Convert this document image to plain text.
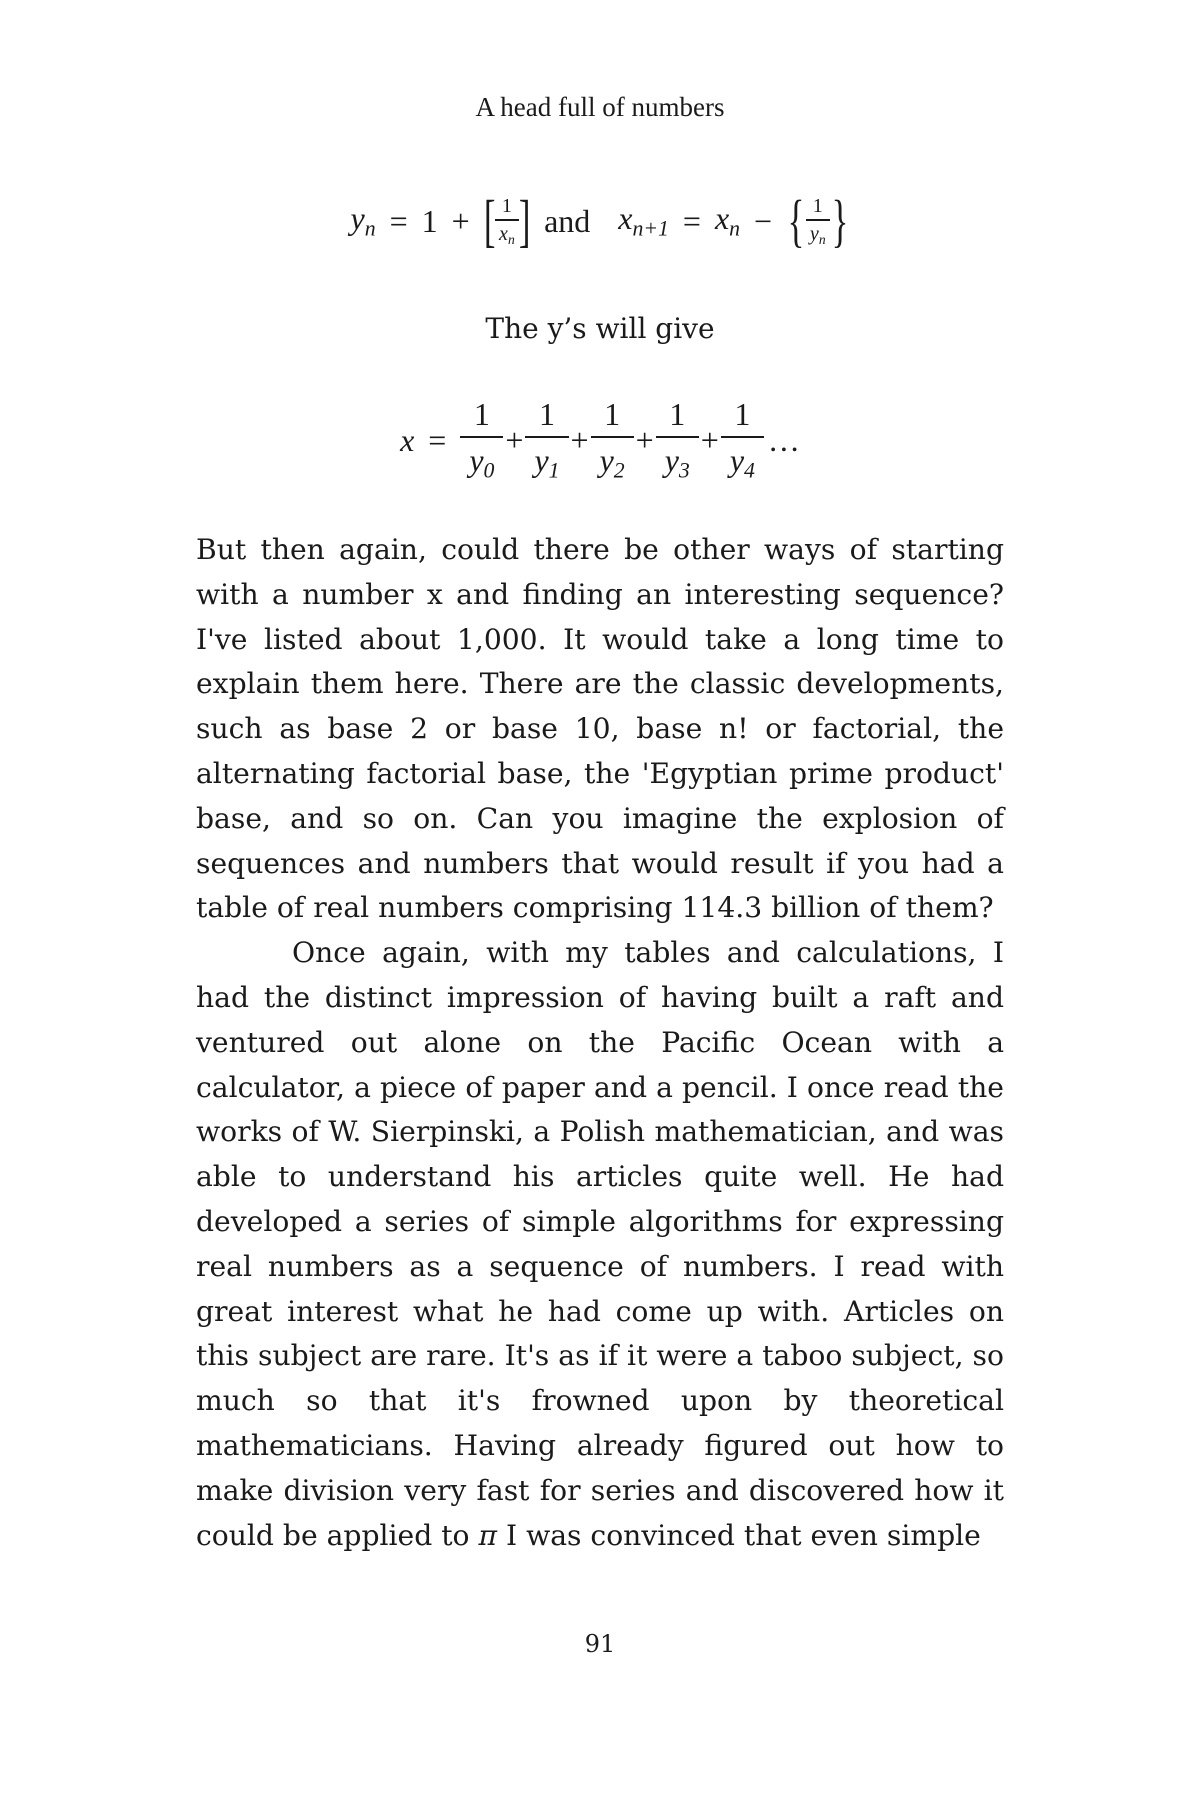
A head full of numbers
$y_n = 1$ + [ $\frac{1}{x_n}$ ] and $x_{n+1} = x_n$ − { $\frac{1}{y_n}$ }
The y’s will give
$x = \frac{1}{y_0} + \frac{1}{y_1} + \frac{1}{y_2} + \frac{1}{y_3} + \frac{1}{y_4}$ …

But then again, could there be other ways of starting with a number x and finding an interesting sequence? I've listed about 1,000. It would take a long time to explain them here. There are the classic developments, such as base 2 or base 10, base n! or factorial, the alternating factorial base, the 'Egyptian prime product' base, and so on. Can you imagine the explosion of sequences and numbers that would result if you had a table of real numbers comprising 114.3 billion of them?

Once again, with my tables and calculations, I had the distinct impression of having built a raft and ventured out alone on the Pacific Ocean with a calculator, a piece of paper and a pencil. I once read the works of W. Sierpinski, a Polish mathematician, and was able to understand his articles quite well. He had developed a series of simple algorithms for expressing real numbers as a sequence of numbers. I read with great interest what he had come up with. Articles on this subject are rare. It's as if it were a taboo subject, so much so that it's frowned upon by theoretical mathematicians. Having already figured out how to make division very fast for series and discovered how it could be applied to π I was convinced that even simple

91
